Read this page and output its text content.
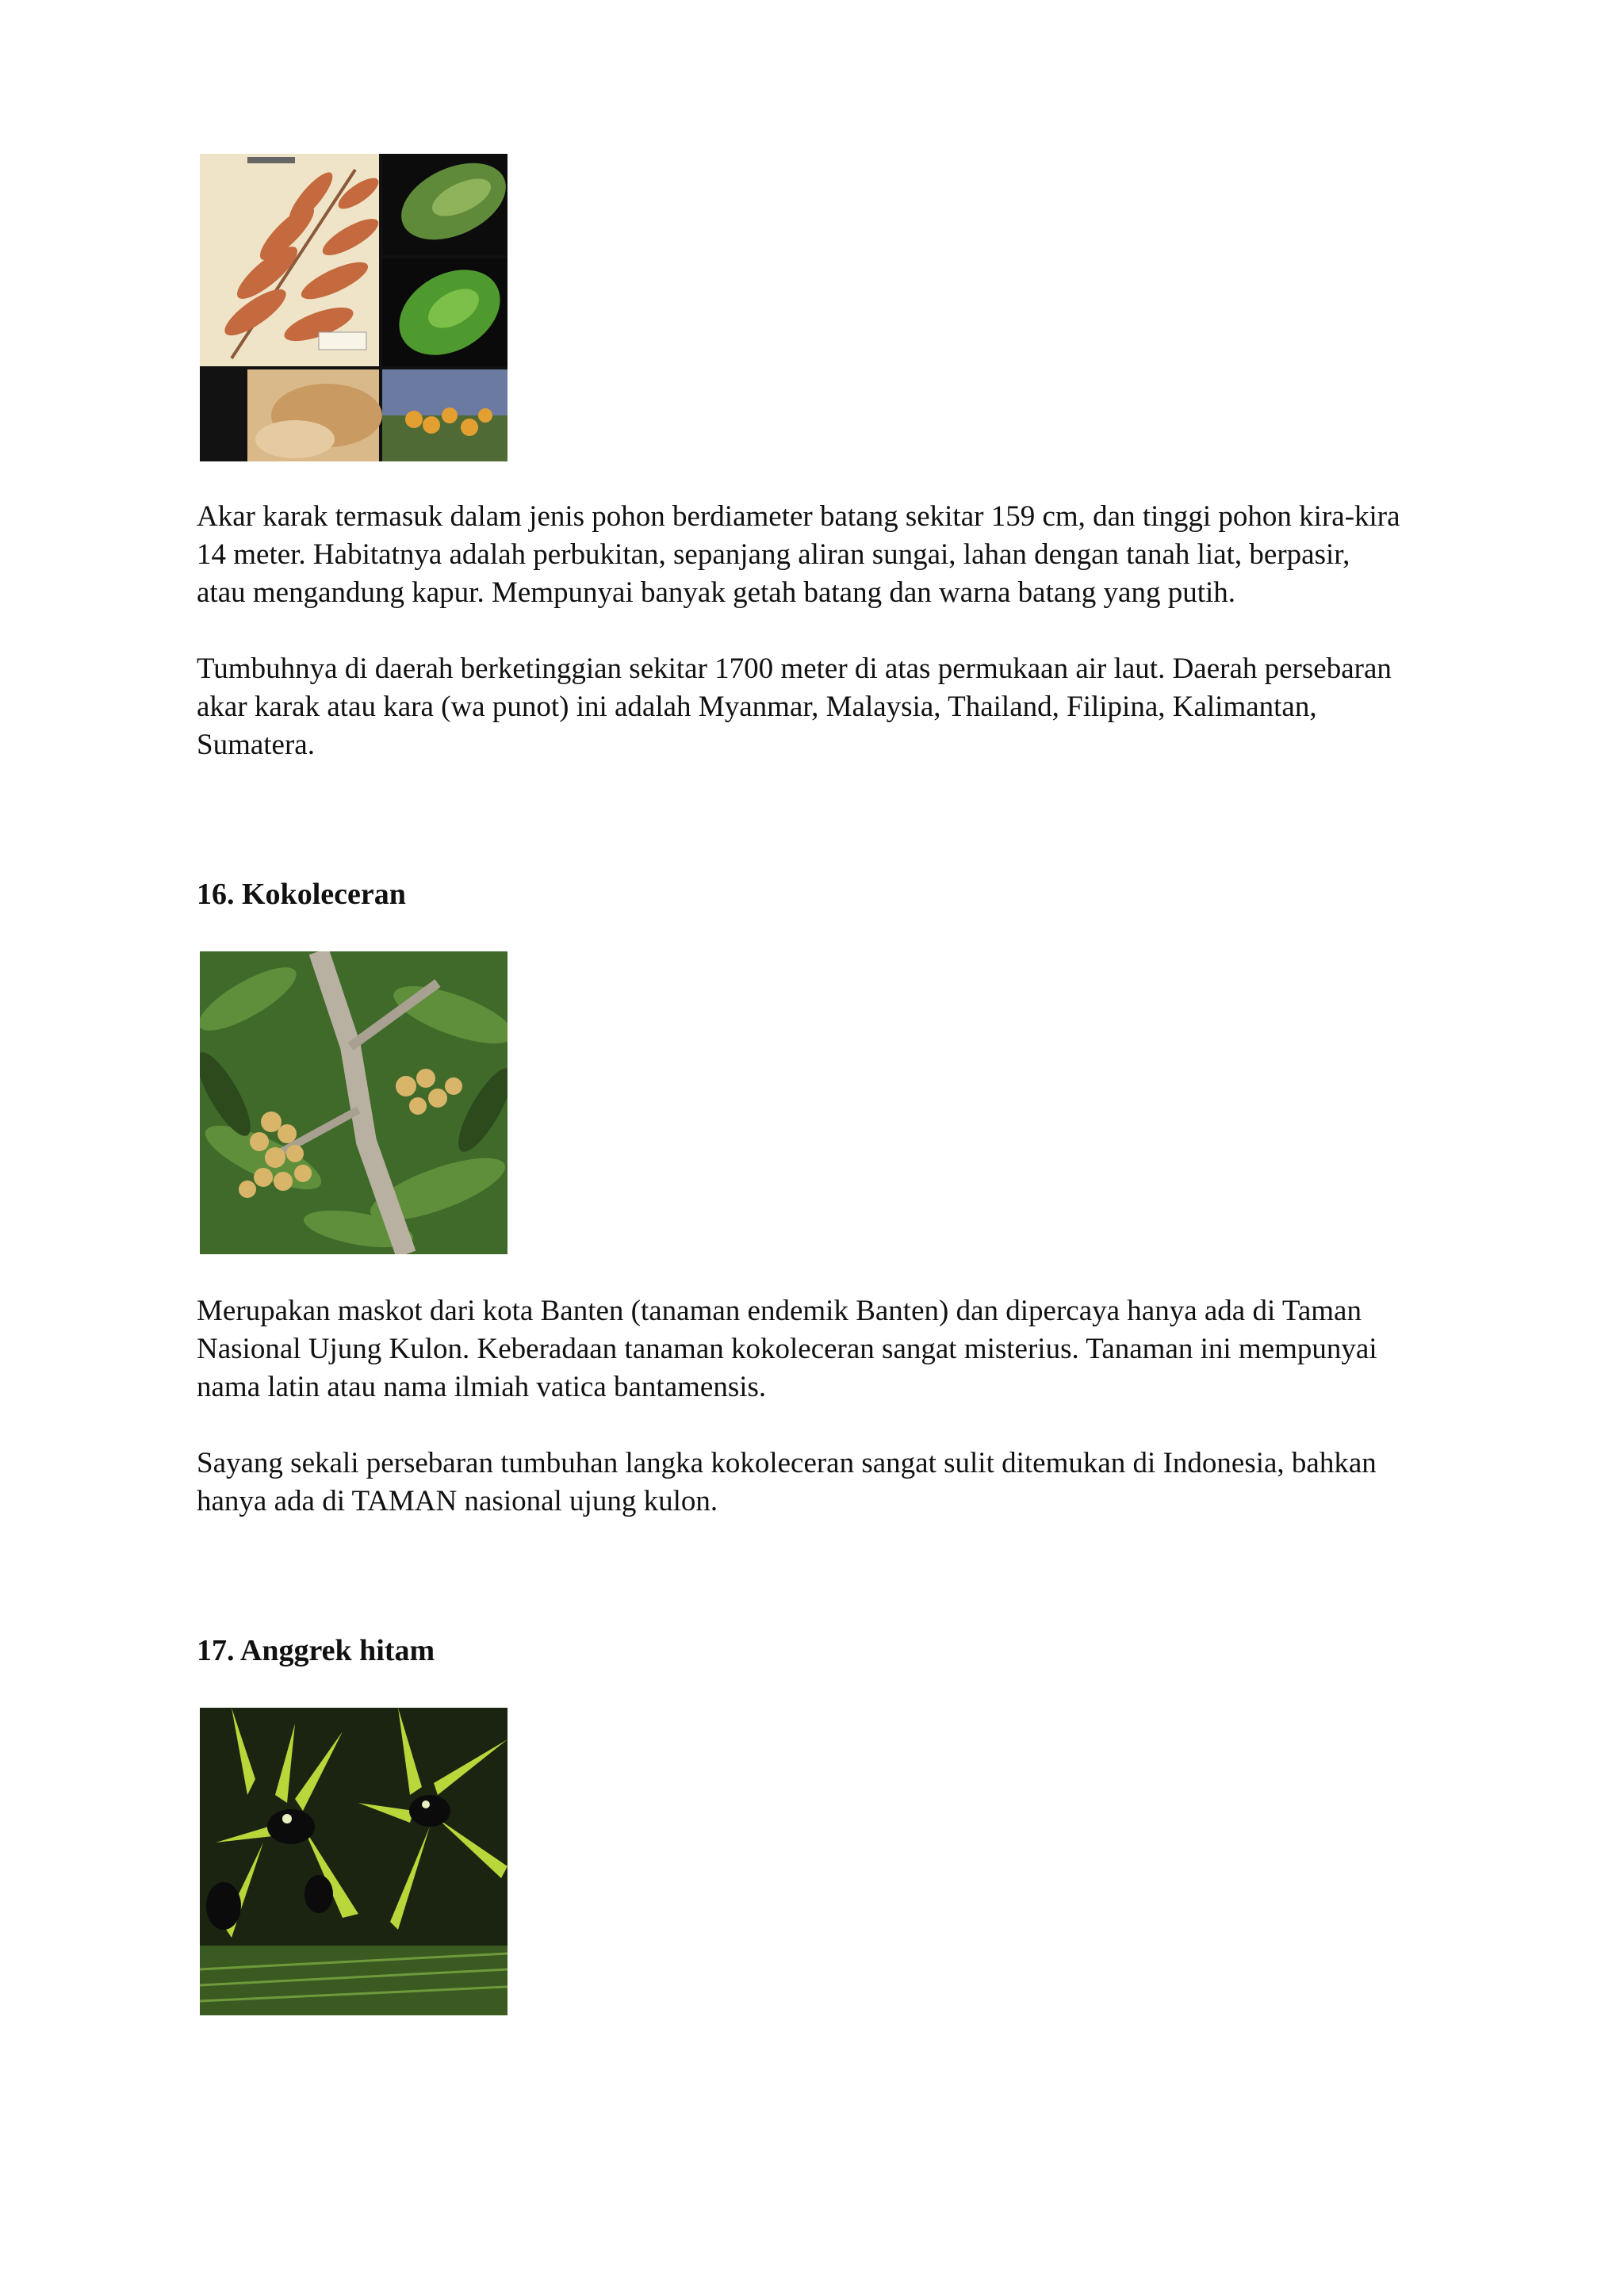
Akar karak termasuk dalam jenis pohon berdiameter batang sekitar 159 cm, dan tinggi pohon kira-kira
14 meter. Habitatnya adalah perbukitan, sepanjang aliran sungai, lahan dengan tanah liat, berpasir,
atau mengandung kapur. Mempunyai banyak getah batang dan warna batang yang putih.

Tumbuhnya di daerah berketinggian sekitar 1700 meter di atas permukaan air laut. Daerah persebaran
akar karak atau kara (wa punot) ini adalah Myanmar, Malaysia, Thailand, Filipina, Kalimantan,
Sumatera.

16. Kokoleceran

Merupakan maskot dari kota Banten (tanaman endemik Banten) dan dipercaya hanya ada di Taman
Nasional Ujung Kulon. Keberadaan tanaman kokoleceran sangat misterius. Tanaman ini mempunyai
nama latin atau nama ilmiah vatica bantamensis.

Sayang sekali persebaran tumbuhan langka kokoleceran sangat sulit ditemukan di Indonesia, bahkan
hanya ada di TAMAN nasional ujung kulon.

17. Anggrek hitam
